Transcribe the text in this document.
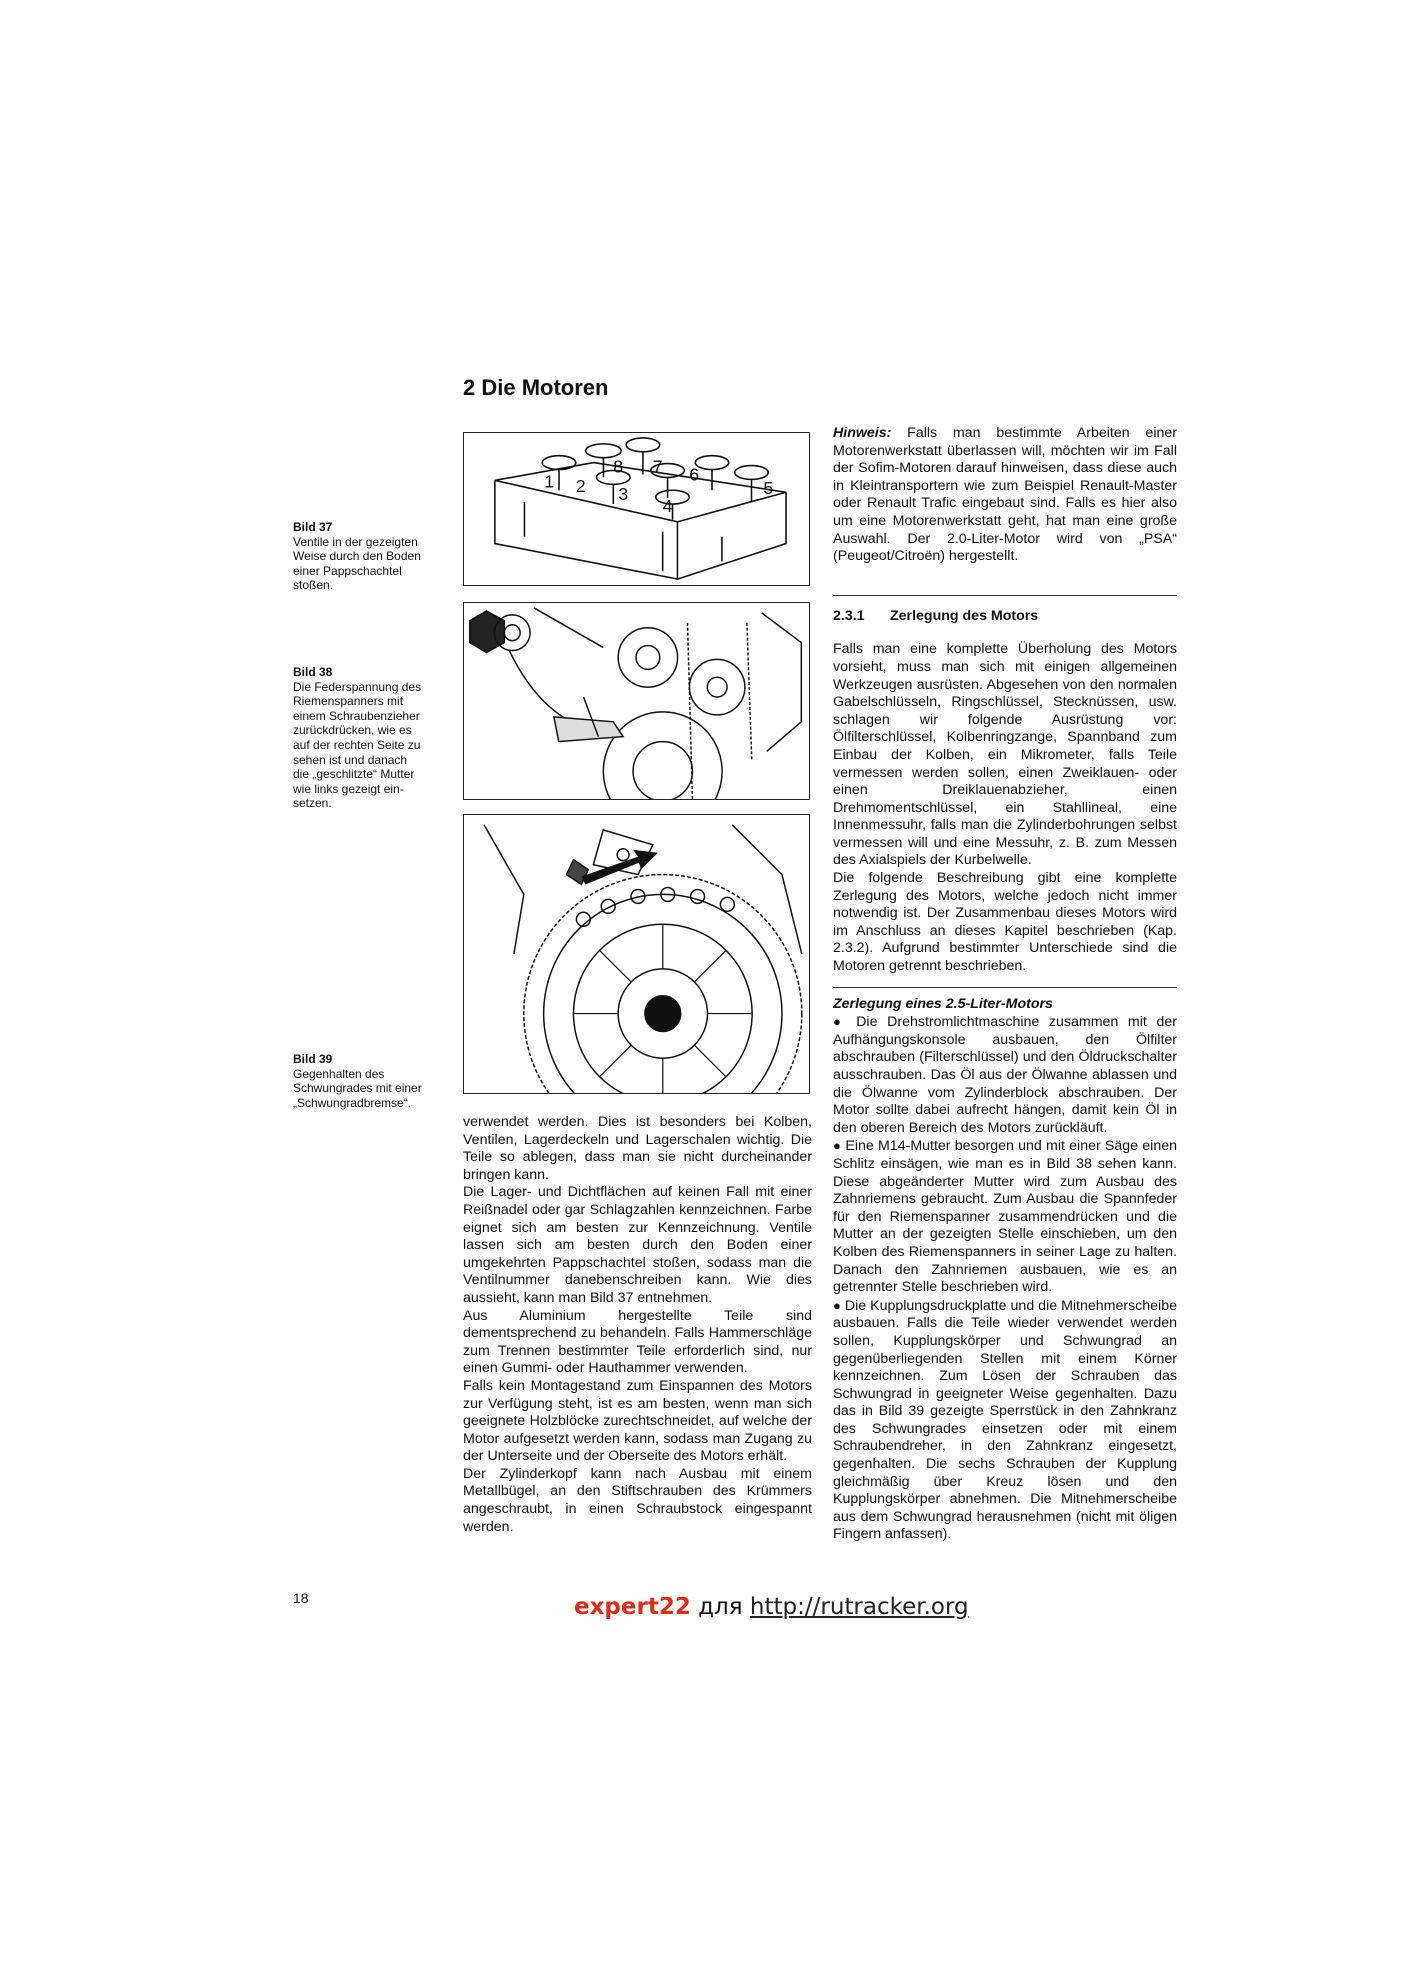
2 Die Motoren
Bild 37
Ventile in der gezeigten
Weise durch den Boden
einer Pappschachtel
stoßen.
Bild 38
Die Federspannung des
Riemenspanners mit
einem Schraubenzieher
zurückdrücken, wie es
auf der rechten Seite zu
sehen ist und danach
die „geschlitzte“ Mutter
wie links gezeigt ein-
setzen.
Bild 39
Gegenhalten des
Schwungrades mit einer
„Schwungradbremse“.
1 2 3
4
5
6
7
8

verwendet werden. Dies ist besonders bei Kolben, Ventilen, Lagerdeckeln und Lagerschalen wichtig. Die Teile so ablegen, dass man sie nicht durcheinander bringen kann.

Die Lager- und Dichtflächen auf keinen Fall mit einer Reißnadel oder gar Schlagzahlen kennzeichnen. Farbe eignet sich am besten zur Kennzeichnung. Ventile lassen sich am besten durch den Boden einer umgekehrten Pappschachtel stoßen, sodass man die Ventilnummer danebenschreiben kann. Wie dies aussieht, kann man Bild 37 entnehmen.

Aus Aluminium hergestellte Teile sind dementsprechend zu behandeln. Falls Hammerschläge zum Trennen bestimmter Teile erforderlich sind, nur einen Gummi- oder Hauthammer verwenden.

Falls kein Montagestand zum Einspannen des Motors zur Verfügung steht, ist es am besten, wenn man sich geeignete Holzblöcke zurechtschneidet, auf welche der Motor aufgesetzt werden kann, sodass man Zugang zu der Unterseite und der Oberseite des Motors erhält.

Der Zylinderkopf kann nach Ausbau mit einem Metallbügel, an den Stiftschrauben des Krümmers angeschraubt, in einen Schraubstock eingespannt werden.

Hinweis: Falls man bestimmte Arbeiten einer Motorenwerkstatt überlassen will, möchten wir im Fall der Sofim-Motoren darauf hinweisen, dass diese auch in Kleintransportern wie zum Beispiel Renault-Master oder Renault Trafic eingebaut sind. Falls es hier also um eine Motorenwerkstatt geht, hat man eine große Auswahl. Der 2.0-Liter-Motor wird von „PSA“ (Peugeot/Citroën) hergestellt.

2.3.1 Zerlegung des Motors

Falls man eine komplette Überholung des Motors vorsieht, muss man sich mit einigen allgemeinen Werkzeugen ausrüsten. Abgesehen von den normalen Gabelschlüsseln, Ringschlüssel, Stecknüssen, usw. schlagen wir folgende Ausrüstung vor: Ölfilterschlüssel, Kolbenringzange, Spannband zum Einbau der Kolben, ein Mikrometer, falls Teile vermessen werden sollen, einen Zweiklauen- oder einen Dreiklauenabzieher, einen Drehmomentschlüssel, ein Stahllineal, eine Innenmessuhr, falls man die Zylinderbohrungen selbst vermessen will und eine Messuhr, z. B. zum Messen des Axialspiels der Kurbelwelle.

Die folgende Beschreibung gibt eine komplette Zerlegung des Motors, welche jedoch nicht immer notwendig ist. Der Zusammenbau dieses Motors wird im Anschluss an dieses Kapitel beschrieben (Kap. 2.3.2). Aufgrund bestimmter Unterschiede sind die Motoren getrennt beschrieben.

Zerlegung eines 2.5-Liter-Motors

● Die Drehstromlichtmaschine zusammen mit der Aufhängungskonsole ausbauen, den Ölfilter abschrauben (Filterschlüssel) und den Öldruckschalter ausschrauben. Das Öl aus der Ölwanne ablassen und die Ölwanne vom Zylinderblock abschrauben. Der Motor sollte dabei aufrecht hängen, damit kein Öl in den oberen Bereich des Motors zurückläuft.

● Eine M14-Mutter besorgen und mit einer Säge einen Schlitz einsägen, wie man es in Bild 38 sehen kann. Diese abgeänderter Mutter wird zum Ausbau des Zahnriemens gebraucht. Zum Ausbau die Spannfeder für den Riemenspanner zusammendrücken und die Mutter an der gezeigten Stelle einschieben, um den Kolben des Riemenspanners in seiner Lage zu halten. Danach den Zahnriemen ausbauen, wie es an getrennter Stelle beschrieben wird.

● Die Kupplungsdruckplatte und die Mitnehmerscheibe ausbauen. Falls die Teile wieder verwendet werden sollen, Kupplungskörper und Schwungrad an gegenüberliegenden Stellen mit einem Körner kennzeichnen. Zum Lösen der Schrauben das Schwungrad in geeigneter Weise gegenhalten. Dazu das in Bild 39 gezeigte Sperrstück in den Zahnkranz des Schwungrades einsetzen oder mit einem Schraubendreher, in den Zahnkranz eingesetzt, gegenhalten. Die sechs Schrauben der Kupplung gleichmäßig über Kreuz lösen und den Kupplungskörper abnehmen. Die Mitnehmerscheibe aus dem Schwungrad herausnehmen (nicht mit öligen Fingern anfassen).

18	expert22 для http://rutracker.org
